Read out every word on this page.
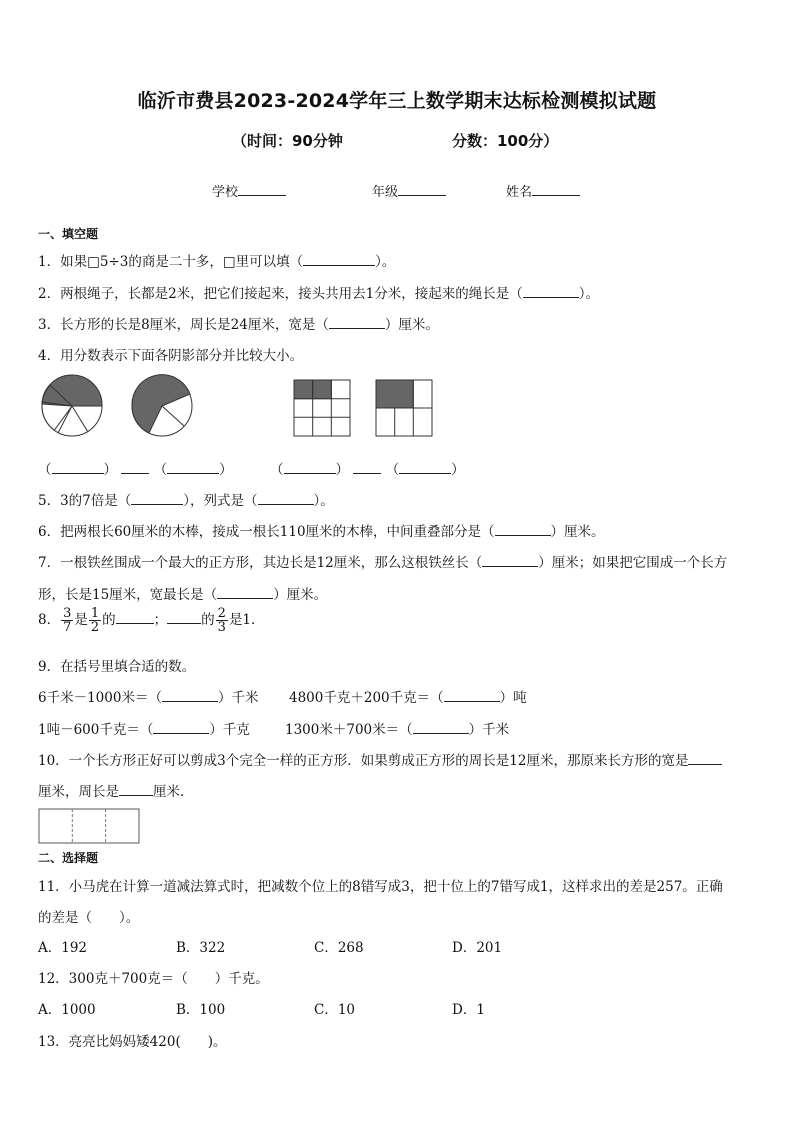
临沂市费县2023-2024学年三上数学期末达标检测模拟试题
（时间：90分钟	分数：100分）
学校	年级	姓名
一、填空题
1．如果□5÷3的商是二十多，□里可以填（	）。
2．两根绳子，长都是2米，把它们接起来，接头共用去1分米，接起来的绳长是（	）。
3．长方形的长是8厘米，周长是24厘米，宽是（	）厘米。
4．用分数表示下面各阴影部分并比较大小。
（	）	（	）	（	）	（	）
5．3的7倍是（	），列式是（	）。
6．把两根长60厘米的木棒，接成一根长110厘米的木棒，中间重叠部分是（	）厘米。
7．一根铁丝围成一个最大的正方形，其边长是12厘米，那么这根铁丝长（	）厘米；如果把它围成一个长方
形，长是15厘米，宽最长是（	）厘米。
8． $\frac{3}{7}$ 是 $\frac{1}{2}$ 的	；	的 $\frac{2}{3}$ 是1．
9．在括号里填合适的数。
6千米－1000米＝（	）千米 4800千克＋200千克＝（	）吨
1吨－600千克＝（	）千克	1300米＋700米＝（	）千米
10．一个长方形正好可以剪成3个完全一样的正方形．如果剪成正方形的周长是12厘米，那原来长方形的宽是
厘米，周长是	厘米．
二、选择题
11．小马虎在计算一道减法算式时，把减数个位上的8错写成3，把十位上的7错写成1，这样求出的差是257。正确
的差是（　　）。
A．192	B．322	C．268	D．201
12．300克＋700克＝（　　）千克。
A．1000	B．100	C．10	D．1
13．亮亮比妈妈矮420(　　)。
